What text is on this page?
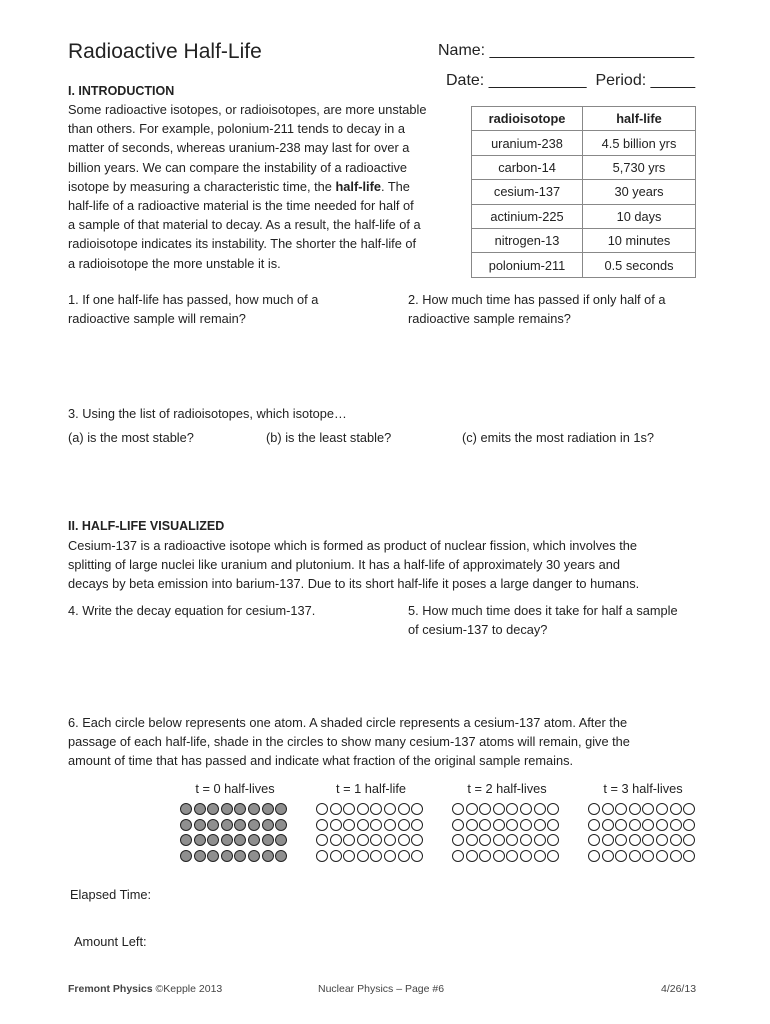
Radioactive Half-Life	Name: _______________________
Date: ___________  Period: _____
I. INTRODUCTION
Some radioactive isotopes, or radioisotopes, are more unstable
than others. For example, polonium-211 tends to decay in a
matter of seconds, whereas uranium-238 may last for over a
billion years. We can compare the instability of a radioactive
isotope by measuring a characteristic time, the half-life. The
half-life of a radioactive material is the time needed for half of
a sample of that material to decay. As a result, the half-life of a
radioisotope indicates its instability. The shorter the half-life of
a radioisotope the more unstable it is.
radioisotope	half-life
uranium-238	4.5 billion yrs
carbon-14	5,730 yrs
cesium-137	30 years
actinium-225	10 days
nitrogen-13	10 minutes
polonium-211	0.5 seconds
1. If one half-life has passed, how much of a
radioactive sample will remain?
2. How much time has passed if only half of a
radioactive sample remains?
3. Using the list of radioisotopes, which isotope…
(a) is the most stable?	(b) is the least stable?	(c) emits the most radiation in 1s?
II. HALF-LIFE VISUALIZED
Cesium-137 is a radioactive isotope which is formed as product of nuclear fission, which involves the
splitting of large nuclei like uranium and plutonium. It has a half-life of approximately 30 years and
decays by beta emission into barium-137. Due to its short half-life it poses a large danger to humans.
4. Write the decay equation for cesium-137.	5. How much time does it take for half a sample
of cesium-137 to decay?
6. Each circle below represents one atom. A shaded circle represents a cesium-137 atom. After the
passage of each half-life, shade in the circles to show many cesium-137 atoms will remain, give the
amount of time that has passed and indicate what fraction of the original sample remains.
t = 0 half-lives	t = 1 half-life	t = 2 half-lives	t = 3 half-lives
Elapsed Time:
Amount Left:
Fremont Physics ©Kepple 2013	Nuclear Physics – Page #6	4/26/13
